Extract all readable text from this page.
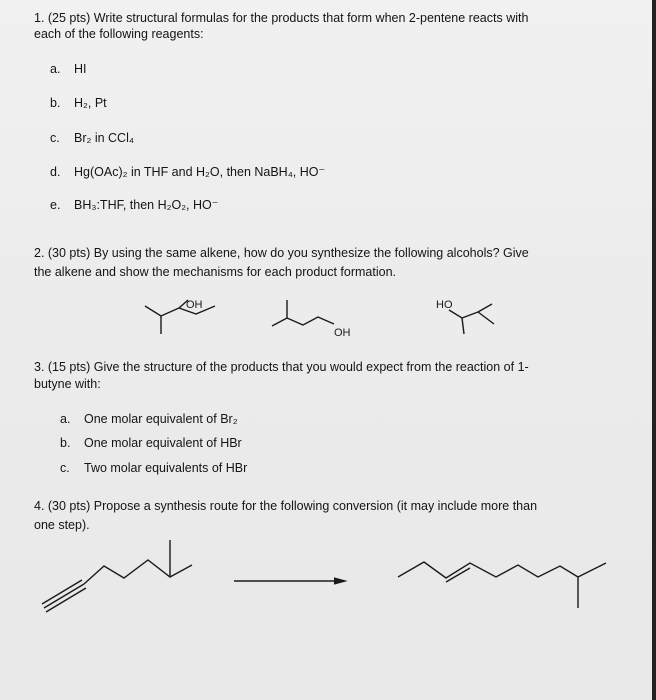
1. (25 pts) Write structural formulas for the products that form when 2-pentene reacts with
each of the following reagents:
a. HI
b. H₂, Pt
c. Br₂ in CCl₄
d. Hg(OAc)₂ in THF and H₂O, then NaBH₄, HO⁻
e. BH₃:THF, then H₂O₂, HO⁻
2. (30 pts) By using the same alkene, how do you synthesize the following alcohols? Give
the alkene and show the mechanisms for each product formation.
OH
OH
HO
3. (15 pts) Give the structure of the products that you would expect from the reaction of 1-
butyne with:
a. One molar equivalent of Br₂
b. One molar equivalent of HBr
c. Two molar equivalents of HBr
4. (30 pts) Propose a synthesis route for the following conversion (it may include more than
one step).
